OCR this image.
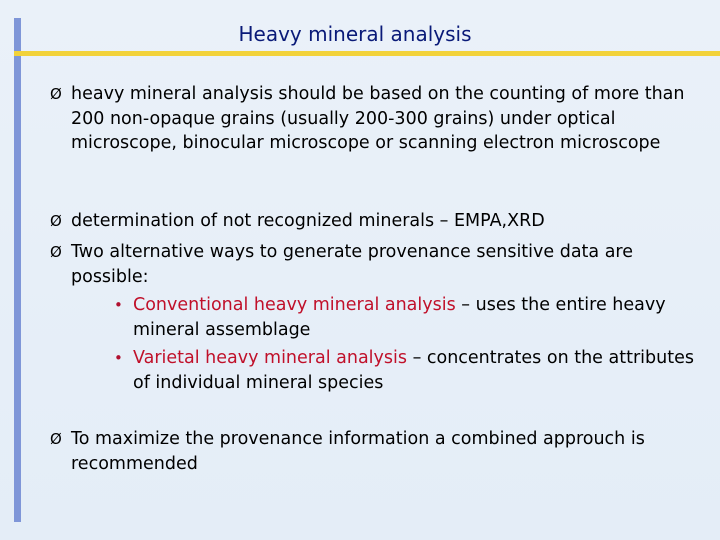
Heavy mineral analysis
Ø heavy mineral analysis should be based on the counting of more than 200 non-opaque grains (usually 200-300 grains) under optical microscope, binocular microscope or scanning electron microscope
Ø determination of not recognized minerals – EMPA,XRD
Ø Two alternative ways to generate provenance sensitive data are possible:
• Conventional heavy mineral analysis – uses the entire heavy mineral assemblage
• Varietal heavy mineral analysis – concentrates on the attributes of individual mineral species
Ø To maximize the provenance information a combined approuch is recommended
